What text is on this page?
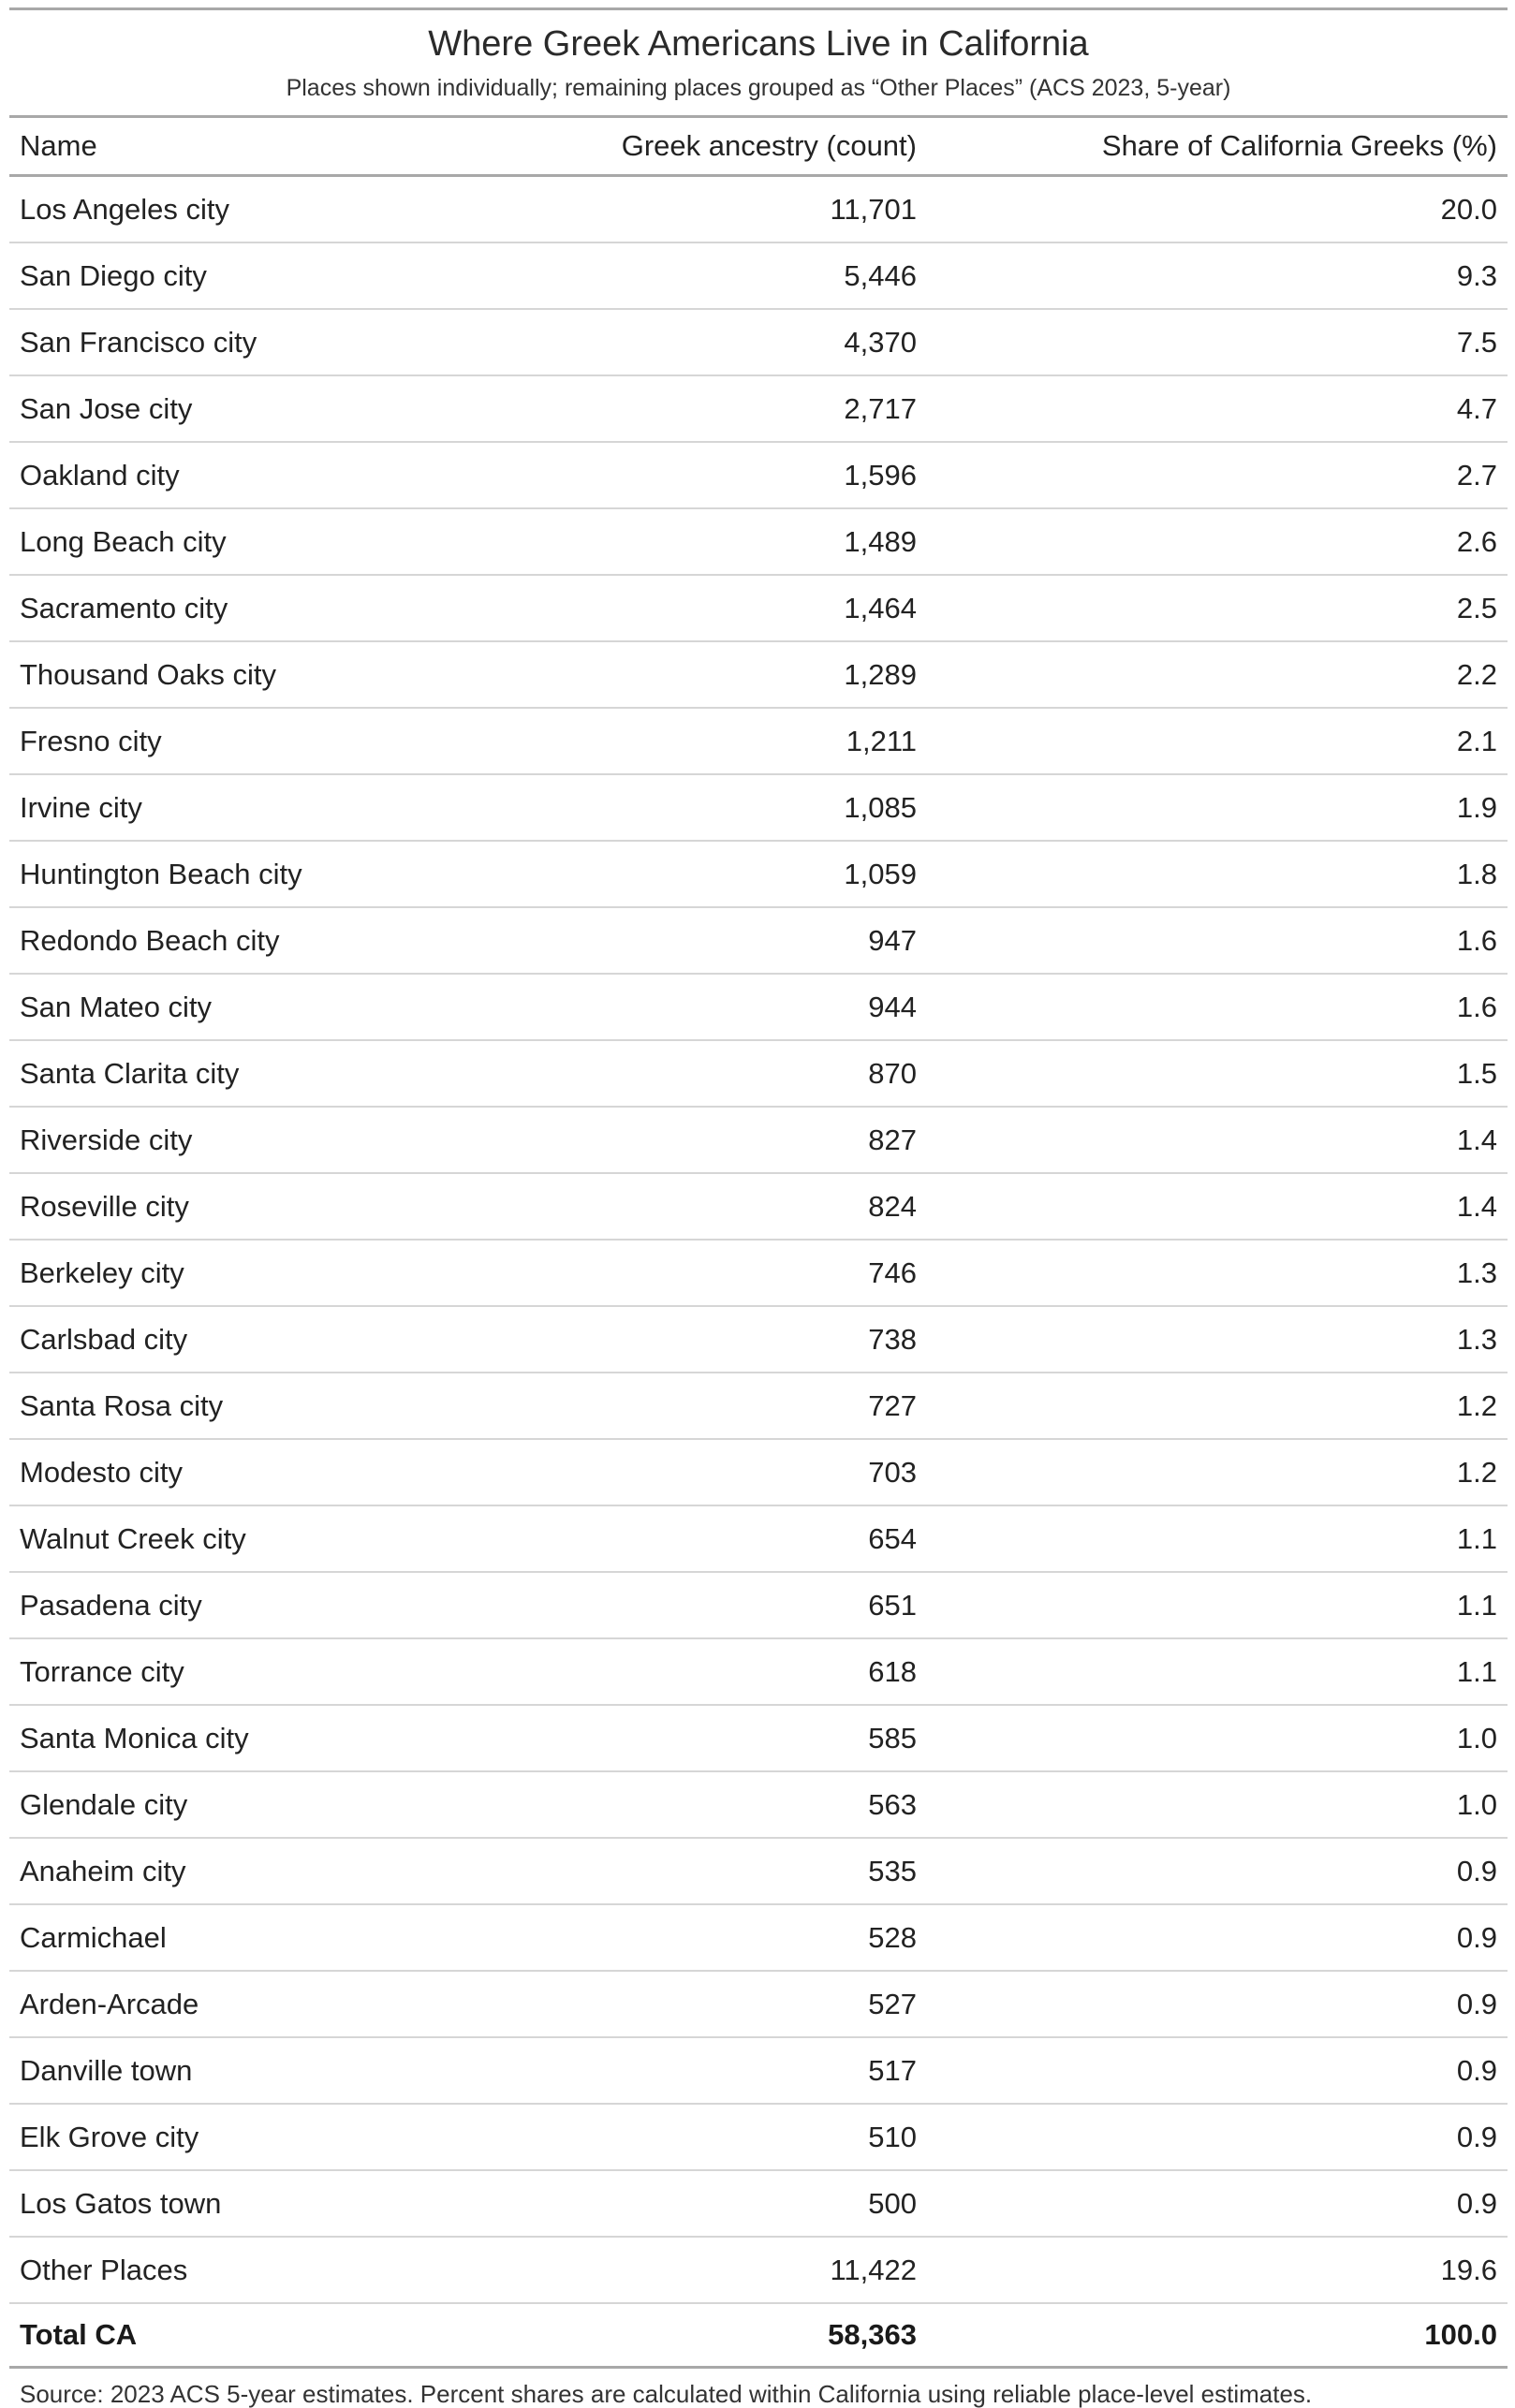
Where Greek Americans Live in California
Places shown individually; remaining places grouped as “Other Places” (ACS 2023, 5-year)
Name	Greek ancestry (count)	Share of California Greeks (%)
Los Angeles city	11,701	20.0
San Diego city	5,446	9.3
San Francisco city	4,370	7.5
San Jose city	2,717	4.7
Oakland city	1,596	2.7
Long Beach city	1,489	2.6
Sacramento city	1,464	2.5
Thousand Oaks city	1,289	2.2
Fresno city	1,211	2.1
Irvine city	1,085	1.9
Huntington Beach city	1,059	1.8
Redondo Beach city	947	1.6
San Mateo city	944	1.6
Santa Clarita city	870	1.5
Riverside city	827	1.4
Roseville city	824	1.4
Berkeley city	746	1.3
Carlsbad city	738	1.3
Santa Rosa city	727	1.2
Modesto city	703	1.2
Walnut Creek city	654	1.1
Pasadena city	651	1.1
Torrance city	618	1.1
Santa Monica city	585	1.0
Glendale city	563	1.0
Anaheim city	535	0.9
Carmichael	528	0.9
Arden-Arcade	527	0.9
Danville town	517	0.9
Elk Grove city	510	0.9
Los Gatos town	500	0.9
Other Places	11,422	19.6
Total CA	58,363	100.0
Source: 2023 ACS 5-year estimates. Percent shares are calculated within California using reliable place-level estimates.
